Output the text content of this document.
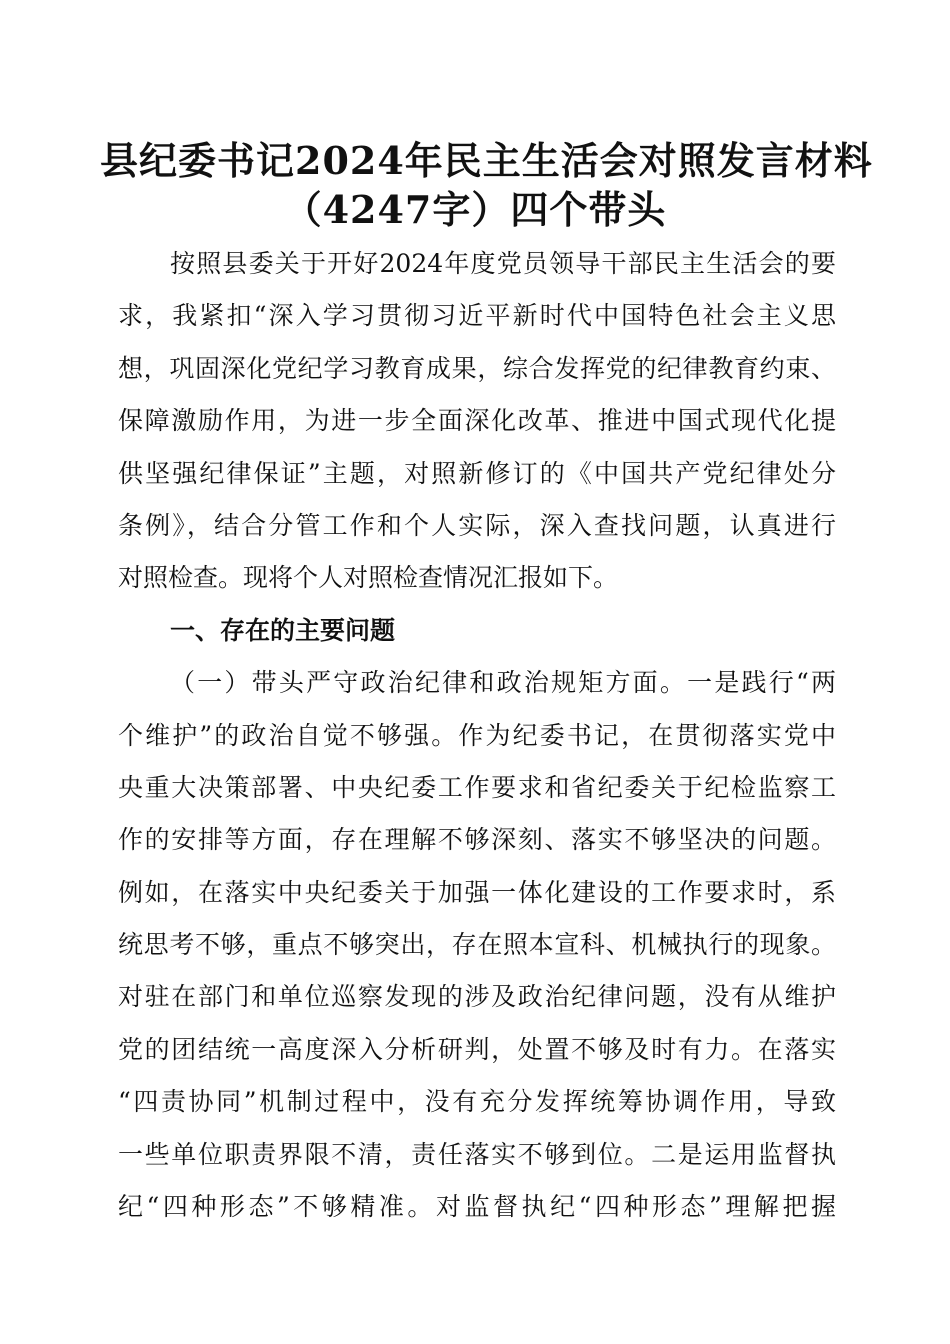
县纪委书记2024年民主生活会对照发言材料
（4247字）四个带头
按照县委关于开好2024年度党员领导干部民主生活会的要
求，我紧扣“深入学习贯彻习近平新时代中国特色社会主义思
想，巩固深化党纪学习教育成果，综合发挥党的纪律教育约束、
保障激励作用，为进一步全面深化改革、推进中国式现代化提
供坚强纪律保证”主题，对照新修订的《中国共产党纪律处分
条例》，结合分管工作和个人实际，深入查找问题，认真进行
对照检查。现将个人对照检查情况汇报如下。
一、存在的主要问题
（一）带头严守政治纪律和政治规矩方面。一是践行“两
个维护”的政治自觉不够强。作为纪委书记，在贯彻落实党中
央重大决策部署、中央纪委工作要求和省纪委关于纪检监察工
作的安排等方面，存在理解不够深刻、落实不够坚决的问题。
例如，在落实中央纪委关于加强一体化建设的工作要求时，系
统思考不够，重点不够突出，存在照本宣科、机械执行的现象。
对驻在部门和单位巡察发现的涉及政治纪律问题，没有从维护
党的团结统一高度深入分析研判，处置不够及时有力。在落实
“四责协同”机制过程中，没有充分发挥统筹协调作用，导致
一些单位职责界限不清，责任落实不够到位。二是运用监督执
纪“四种形态”不够精准。对监督执纪“四种形态”理解把握
